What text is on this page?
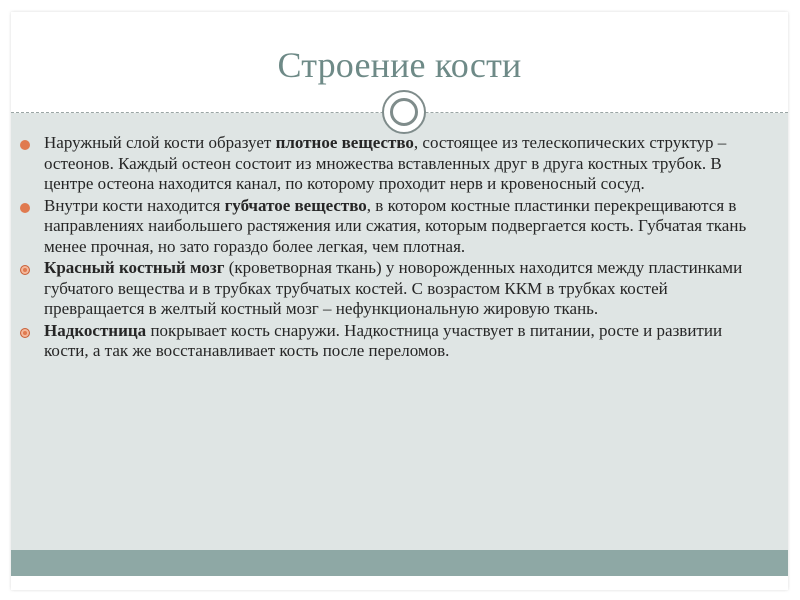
Строение кости
Наружный слой кости образует плотное вещество, состоящее из телескопических структур – остеонов. Каждый остеон состоит из множества вставленных друг в друга костных трубок. В центре остеона находится канал, по которому проходит нерв и кровеносный сосуд.
Внутри кости находится губчатое вещество, в котором костные пластинки перекрещиваются в направлениях наибольшего растяжения или сжатия, которым подвергается кость. Губчатая ткань менее прочная, но зато гораздо более легкая, чем плотная.
Красный костный мозг (кроветворная ткань) у новорожденных находится между пластинками губчатого вещества и в трубках трубчатых костей. С возрастом ККМ в трубках костей превращается в желтый костный мозг – нефункциональную жировую ткань.
Надкостница покрывает кость снаружи. Надкостница участвует в питании, росте и развитии кости, а так же восстанавливает кость после переломов.
